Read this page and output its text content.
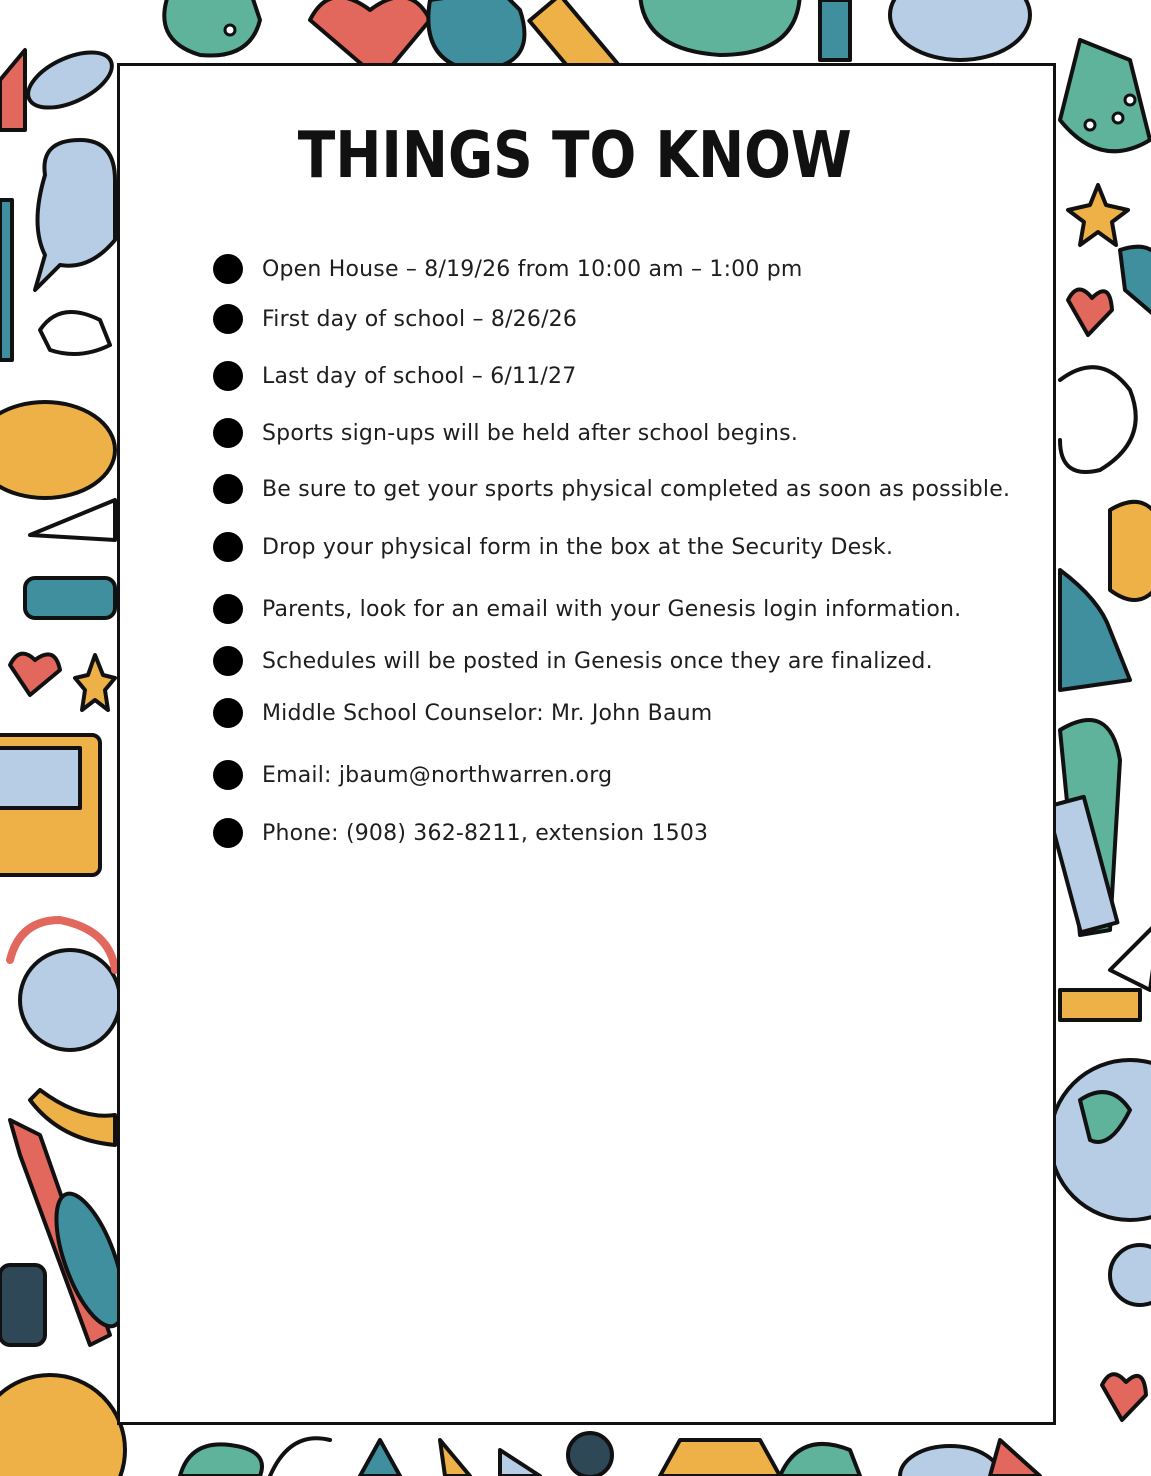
THINGS TO KNOW
Open House – 8/19/26 from 10:00 am – 1:00 pm
First day of school – 8/26/26
Last day of school – 6/11/27
Sports sign-ups will be held after school begins.
Be sure to get your sports physical completed as soon as possible.
Drop your physical form in the box at the Security Desk.
Parents, look for an email with your Genesis login information.
Schedules will be posted in Genesis once they are finalized.
Middle School Counselor: Mr. John Baum
Email: jbaum@northwarren.org
Phone: (908) 362-8211, extension 1503
